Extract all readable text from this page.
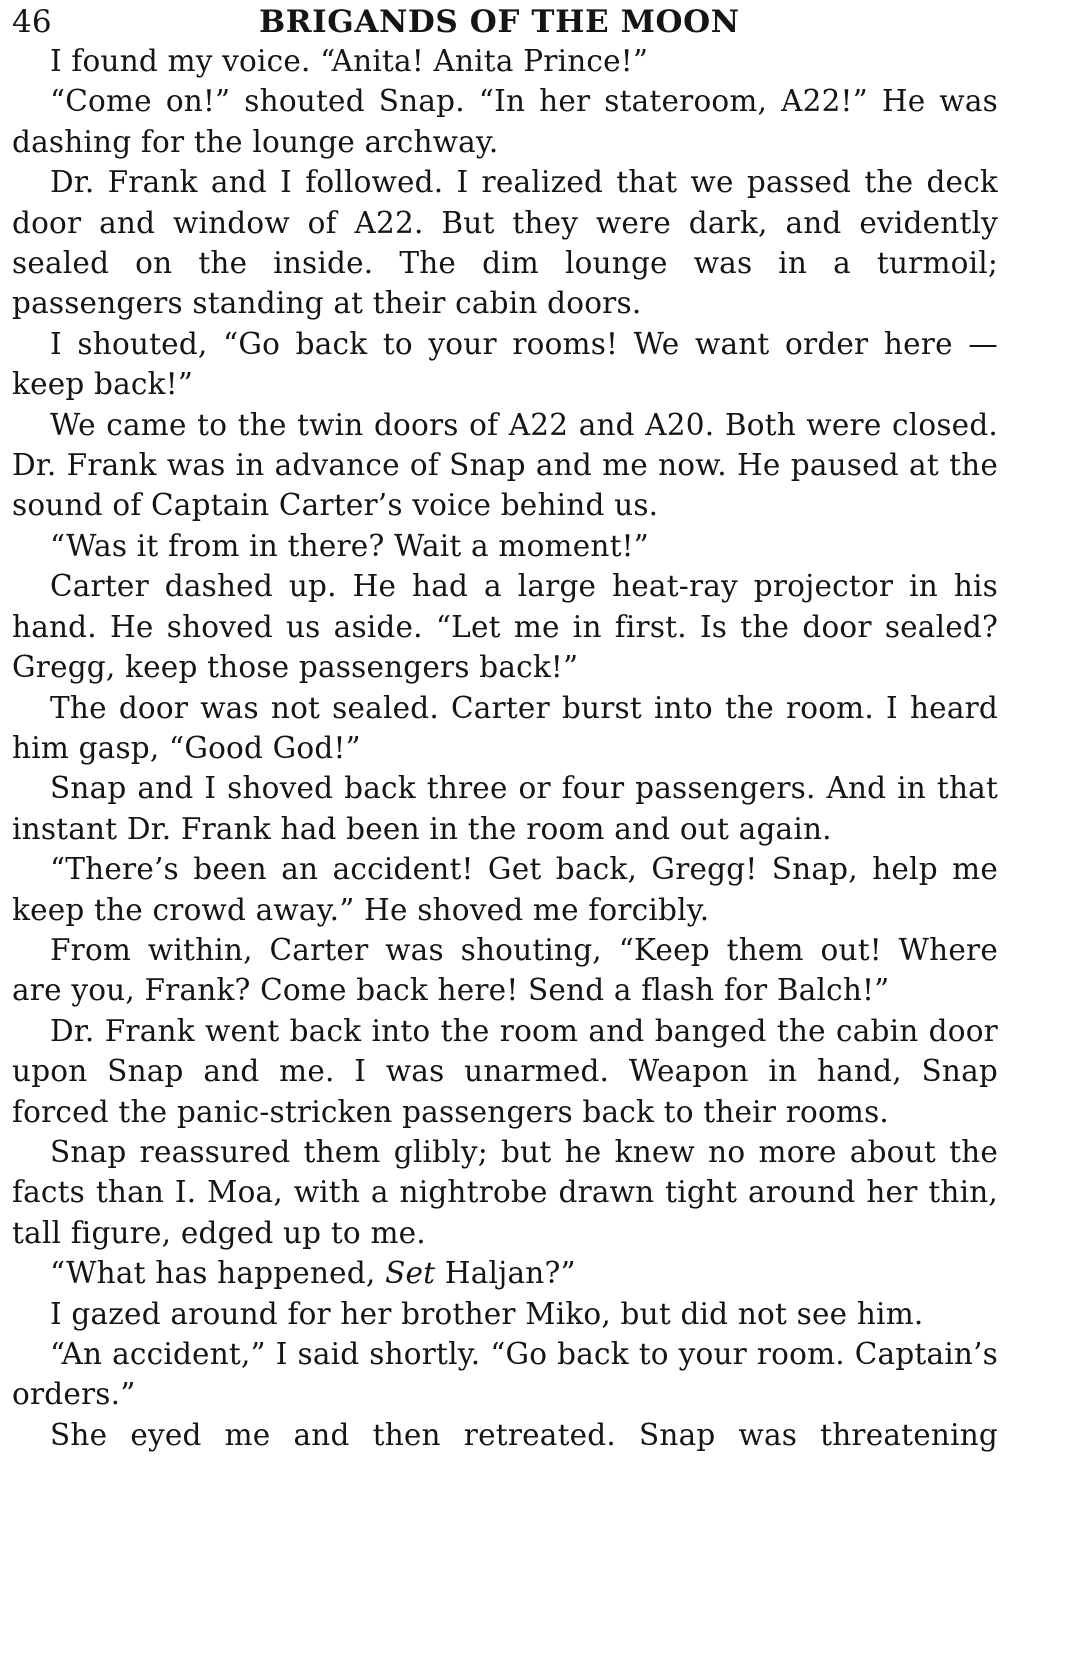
46	BRIGANDS OF THE MOON

I found my voice. “Anita! Anita Prince!”

“Come on!” shouted Snap. “In her stateroom, A22!” He was dashing for the lounge archway.

Dr. Frank and I followed. I realized that we passed the deck door and window of A22. But they were dark, and evidently sealed on the inside. The dim lounge was in a turmoil; passengers standing at their cabin doors.

I shouted, “Go back to your rooms! We want order here —keep back!”

We came to the twin doors of A22 and A20. Both were closed. Dr. Frank was in advance of Snap and me now. He paused at the sound of Captain Carter’s voice behind us.

“Was it from in there? Wait a moment!”

Carter dashed up. He had a large heat-ray projector in his hand. He shoved us aside. “Let me in first. Is the door sealed? Gregg, keep those passengers back!”

The door was not sealed. Carter burst into the room. I heard him gasp, “Good God!”

Snap and I shoved back three or four passengers. And in that instant Dr. Frank had been in the room and out again.

“There’s been an accident! Get back, Gregg! Snap, help me keep the crowd away.” He shoved me forcibly.

From within, Carter was shouting, “Keep them out! Where are you, Frank? Come back here! Send a flash for Balch!”

Dr. Frank went back into the room and banged the cabin door upon Snap and me. I was unarmed. Weapon in hand, Snap forced the panic-stricken passengers back to their rooms.

Snap reassured them glibly; but he knew no more about the facts than I. Moa, with a nightrobe drawn tight around her thin, tall figure, edged up to me.

“What has happened, Set Haljan?”

I gazed around for her brother Miko, but did not see him.

“An accident,” I said shortly. “Go back to your room. Captain’s orders.”

She eyed me and then retreated. Snap was threatening
